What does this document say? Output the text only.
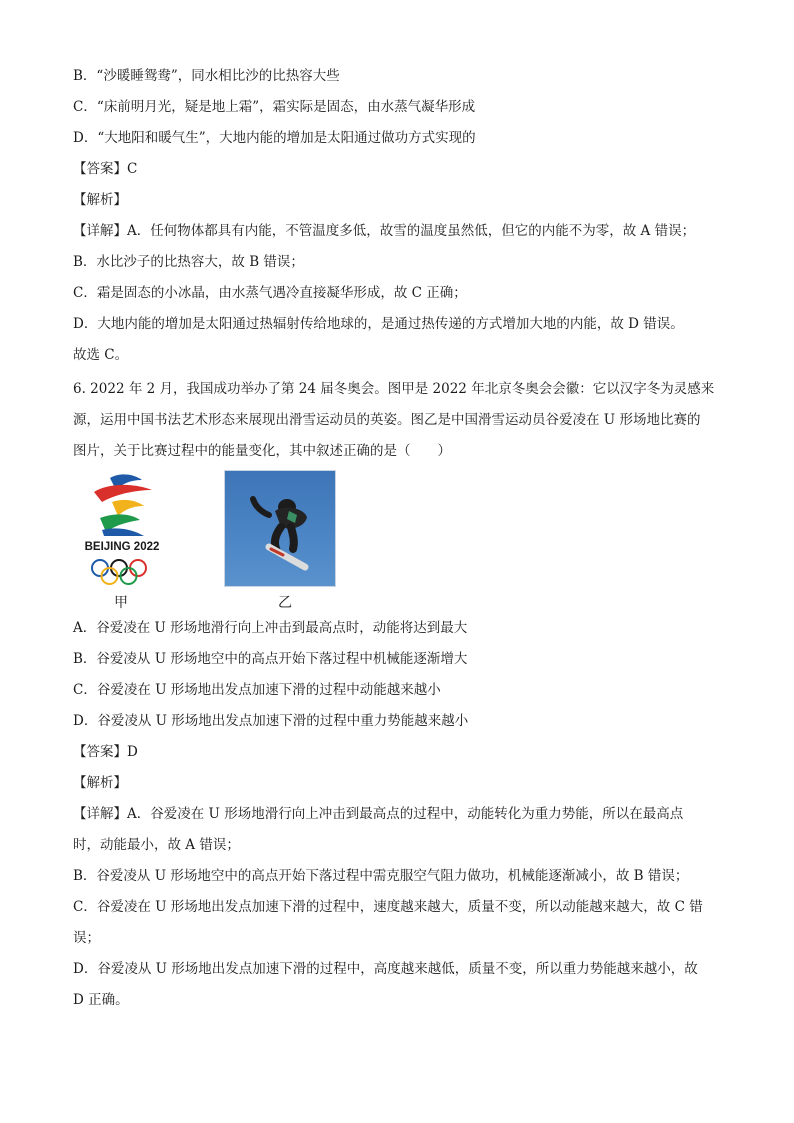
B．“沙暖睡鸳鸯”，同水相比沙的比热容大些
C．“床前明月光，疑是地上霜”，霜实际是固态，由水蒸气凝华形成
D．“大地阳和暖气生”，大地内能的增加是太阳通过做功方式实现的
【答案】C
【解析】
【详解】A．任何物体都具有内能，不管温度多低，故雪的温度虽然低，但它的内能不为零，故 A 错误；
B．水比沙子的比热容大，故 B 错误；
C．霜是固态的小冰晶，由水蒸气遇冷直接凝华形成，故 C 正确；
D．大地内能的增加是太阳通过热辐射传给地球的，是通过热传递的方式增加大地的内能，故 D 错误。
故选 C。
6. 2022 年 2 月，我国成功举办了第 24 届冬奥会。图甲是 2022 年北京冬奥会会徽：它以汉字冬为灵感来
源，运用中国书法艺术形态来展现出滑雪运动员的英姿。图乙是中国滑雪运动员谷爱凌在 U 形场地比赛的
图片，关于比赛过程中的能量变化，其中叙述正确的是（　　）
BEIJING 2022
甲	乙
A．谷爱凌在 U 形场地滑行向上冲击到最高点时，动能将达到最大
B．谷爱凌从 U 形场地空中的高点开始下落过程中机械能逐渐增大
C．谷爱凌在 U 形场地出发点加速下滑的过程中动能越来越小
D．谷爱凌从 U 形场地出发点加速下滑的过程中重力势能越来越小
【答案】D
【解析】
【详解】A．谷爱凌在 U 形场地滑行向上冲击到最高点的过程中，动能转化为重力势能，所以在最高点
时，动能最小，故 A 错误；
B．谷爱凌从 U 形场地空中的高点开始下落过程中需克服空气阻力做功，机械能逐渐减小，故 B 错误；
C．谷爱凌在 U 形场地出发点加速下滑的过程中，速度越来越大，质量不变，所以动能越来越大，故 C 错
误；
D．谷爱凌从 U 形场地出发点加速下滑的过程中，高度越来越低，质量不变，所以重力势能越来越小，故
D 正确。
